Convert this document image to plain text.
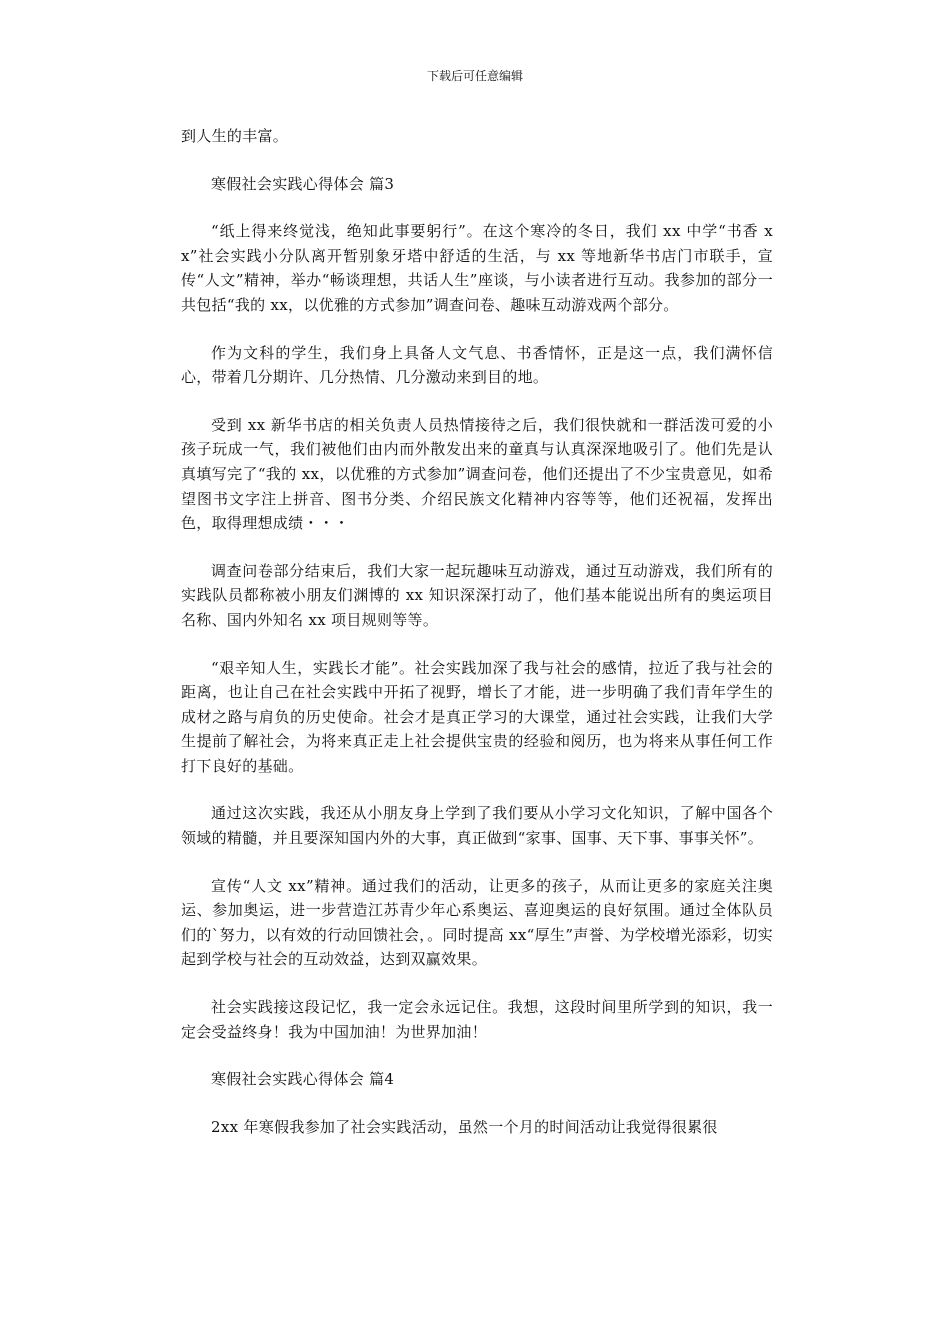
下载后可任意编辑

到人生的丰富。

寒假社会实践心得体会 篇3

“纸上得来终觉浅，绝知此事要躬行”。在这个寒冷的冬日，我们 xx 中学“书香 xx”社会实践小分队离开暂别象牙塔中舒适的生活，与 xx 等地新华书店门市联手，宣传“人文”精神，举办“畅谈理想，共话人生”座谈，与小读者进行互动。我参加的部分一共包括“我的 xx，以优雅的方式参加”调查问卷、趣味互动游戏两个部分。

作为文科的学生，我们身上具备人文气息、书香情怀，正是这一点，我们满怀信心，带着几分期许、几分热情、几分激动来到目的地。

受到 xx 新华书店的相关负责人员热情接待之后，我们很快就和一群活泼可爱的小孩子玩成一气，我们被他们由内而外散发出来的童真与认真深深地吸引了。他们先是认真填写完了“我的 xx，以优雅的方式参加”调查问卷，他们还提出了不少宝贵意见，如希望图书文字注上拼音、图书分类、介绍民族文化精神内容等等，他们还祝福，发挥出色，取得理想成绩・・・

调查问卷部分结束后，我们大家一起玩趣味互动游戏，通过互动游戏，我们所有的实践队员都称被小朋友们渊博的 xx 知识深深打动了，他们基本能说出所有的奥运项目名称、国内外知名 xx 项目规则等等。

“艰辛知人生，实践长才能”。社会实践加深了我与社会的感情，拉近了我与社会的距离，也让自己在社会实践中开拓了视野，增长了才能，进一步明确了我们青年学生的成材之路与肩负的历史使命。社会才是真正学习的大课堂，通过社会实践，让我们大学生提前了解社会，为将来真正走上社会提供宝贵的经验和阅历，也为将来从事任何工作打下良好的基础。

通过这次实践，我还从小朋友身上学到了我们要从小学习文化知识，了解中国各个领域的精髓，并且要深知国内外的大事，真正做到“家事、国事、天下事、事事关怀”。

宣传“人文 xx”精神。通过我们的活动，让更多的孩子，从而让更多的家庭关注奥运、参加奥运，进一步营造江苏青少年心系奥运、喜迎奥运的良好氛围。通过全体队员们的`努力，以有效的行动回馈社会，。同时提高 xx“厚生”声誉、为学校增光添彩，切实起到学校与社会的互动效益，达到双赢效果。

社会实践接这段记忆，我一定会永远记住。我想，这段时间里所学到的知识，我一定会受益终身！我为中国加油！为世界加油！

寒假社会实践心得体会 篇4

2xx 年寒假我参加了社会实践活动，虽然一个月的时间活动让我觉得很累很
